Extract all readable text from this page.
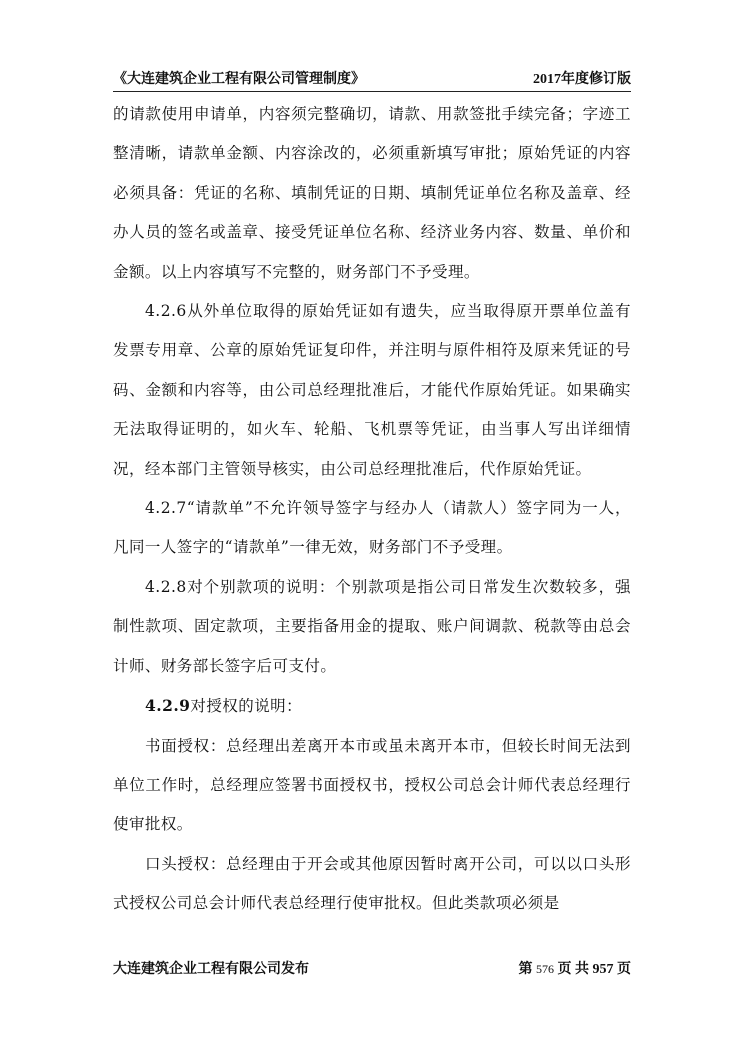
《大连建筑企业工程有限公司管理制度》	2017年度修订版

的请款使用申请单，内容须完整确切，请款、用款签批手续完备；字迹工整清晰，请款单金额、内容涂改的，必须重新填写审批；原始凭证的内容必须具备：凭证的名称、填制凭证的日期、填制凭证单位名称及盖章、经办人员的签名或盖章、接受凭证单位名称、经济业务内容、数量、单价和金额。以上内容填写不完整的，财务部门不予受理。

4.2.6从外单位取得的原始凭证如有遗失，应当取得原开票单位盖有发票专用章、公章的原始凭证复印件，并注明与原件相符及原来凭证的号码、金额和内容等，由公司总经理批准后，才能代作原始凭证。如果确实无法取得证明的，如火车、轮船、飞机票等凭证，由当事人写出详细情况，经本部门主管领导核实，由公司总经理批准后，代作原始凭证。

4.2.7“请款单”不允许领导签字与经办人（请款人）签字同为一人，凡同一人签字的“请款单”一律无效，财务部门不予受理。

4.2.8对个别款项的说明：个别款项是指公司日常发生次数较多，强制性款项、固定款项，主要指备用金的提取、账户间调款、税款等由总会计师、财务部长签字后可支付。

4.2.9对授权的说明：

书面授权：总经理出差离开本市或虽未离开本市，但较长时间无法到单位工作时，总经理应签署书面授权书，授权公司总会计师代表总经理行使审批权。

口头授权：总经理由于开会或其他原因暂时离开公司，可以以口头形式授权公司总会计师代表总经理行使审批权。但此类款项必须是

大连建筑企业工程有限公司发布	第 576 页 共 957 页
